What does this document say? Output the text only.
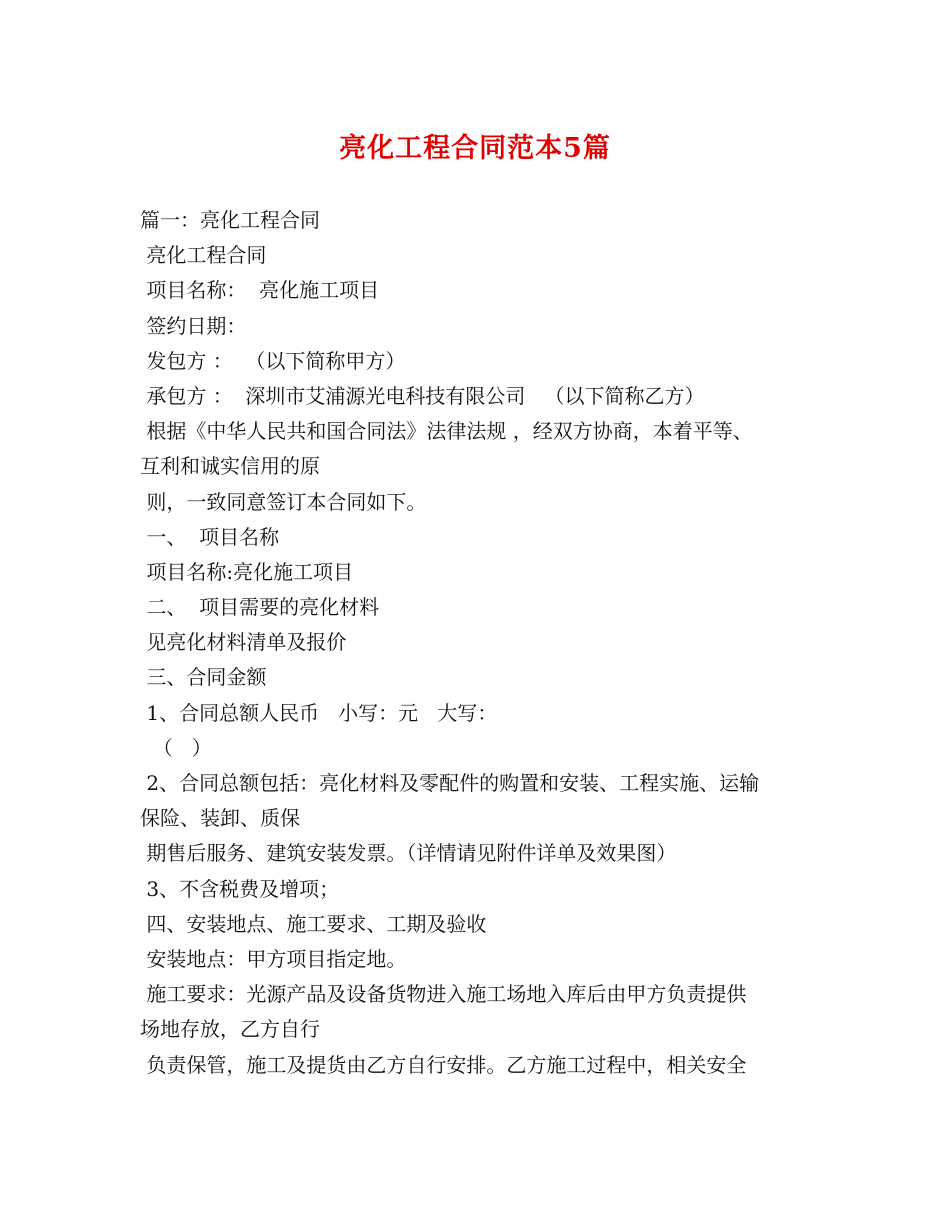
亮化工程合同范本5篇
篇一：亮化工程合同
亮化工程合同
项目名称：  亮化施工项目
签约日期：
发包方 ：  （以下简称甲方）
承包方 ：  深圳市艾浦源光电科技有限公司   （以下简称乙方）
根据《中华人民共和国合同法》法律法规 ，经双方协商，本着平等、
互利和诚实信用的原
则，一致同意签订本合同如下。
一、  项目名称
项目名称:亮化施工项目
二、  项目需要的亮化材料
见亮化材料清单及报价
三、合同金额
1、合同总额人民币   小写：元   大写：
（   ）
2、合同总额包括：亮化材料及零配件的购置和安装、工程实施、运输
保险、装卸、质保
期售后服务、建筑安装发票。（详情请见附件详单及效果图）
3、不含税费及增项；
四、安装地点、施工要求、工期及验收
安装地点：甲方项目指定地。
施工要求：光源产品及设备货物进入施工场地入库后由甲方负责提供
场地存放，乙方自行
负责保管，施工及提货由乙方自行安排。乙方施工过程中，相关安全
